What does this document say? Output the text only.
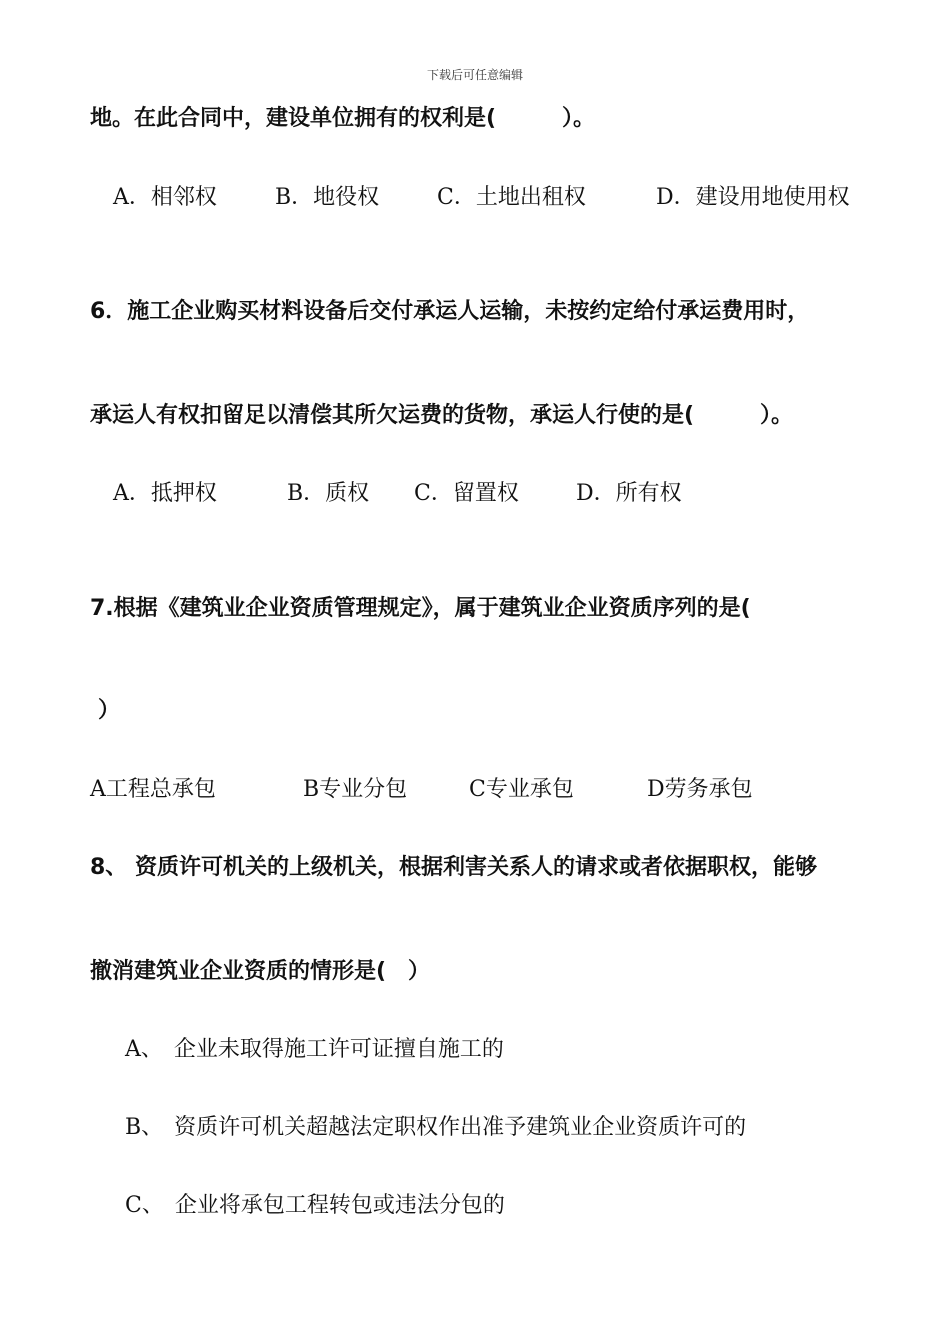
下载后可任意编辑
地。在此合同中，建设单位拥有的权利是(　　　）。
A．相邻权	B．地役权	C．土地出租权	D．建设用地使用权
6．施工企业购买材料设备后交付承运人运输，未按约定给付承运费用时，
承运人有权扣留足以清偿其所欠运费的货物，承运人行使的是(　　　）。
A．抵押权	B．质权 C．留置权	D．所有权
7.根据《建筑业企业资质管理规定》，属于建筑业企业资质序列的是(
）
A工程总承包	B专业分包	C专业承包	D劳务承包
8、 资质许可机关的上级机关，根据利害关系人的请求或者依据职权，能够
撤消建筑业企业资质的情形是(　）
A、　企业未取得施工许可证擅自施工的
B、　资质许可机关超越法定职权作出准予建筑业企业资质许可的
C、　企业将承包工程转包或违法分包的
